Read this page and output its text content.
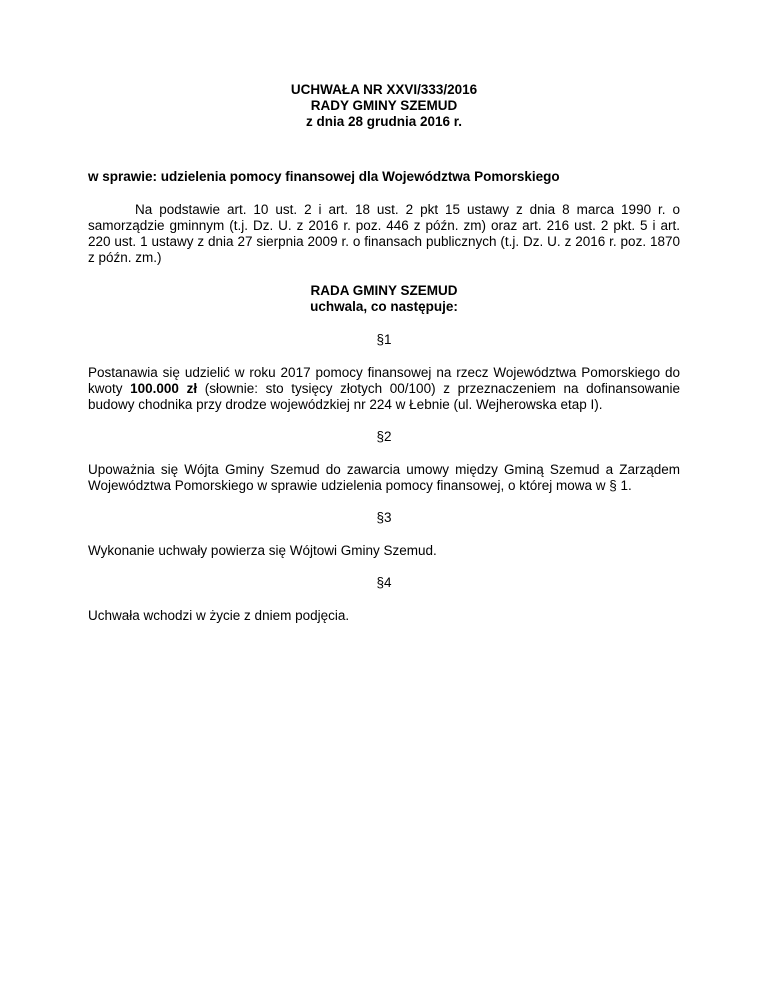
UCHWAŁA NR XXVI/333/2016
RADY GMINY SZEMUD
z dnia 28 grudnia 2016 r.
w sprawie: udzielenia pomocy finansowej dla Województwa Pomorskiego
Na podstawie art. 10 ust. 2 i art. 18 ust. 2 pkt 15 ustawy z dnia 8 marca 1990 r. o samorządzie gminnym (t.j. Dz. U. z 2016 r. poz. 446 z późn. zm) oraz art. 216 ust. 2 pkt. 5 i art. 220 ust. 1 ustawy z dnia 27 sierpnia 2009 r. o finansach publicznych (t.j. Dz. U. z 2016 r. poz. 1870 z późn. zm.)
RADA GMINY SZEMUD
uchwala, co następuje:
§1
Postanawia się udzielić w roku 2017 pomocy finansowej na rzecz Województwa Pomorskiego do kwoty 100.000 zł (słownie: sto tysięcy złotych 00/100) z przeznaczeniem na dofinansowanie budowy chodnika przy drodze wojewódzkiej nr 224 w Łebnie (ul. Wejherowska etap I).
§2
Upoważnia się Wójta Gminy Szemud do zawarcia umowy między Gminą Szemud a Zarządem Województwa Pomorskiego w sprawie udzielenia pomocy finansowej, o której mowa w § 1.
§3
Wykonanie uchwały powierza się Wójtowi Gminy Szemud.
§4
Uchwała wchodzi w życie z dniem podjęcia.
